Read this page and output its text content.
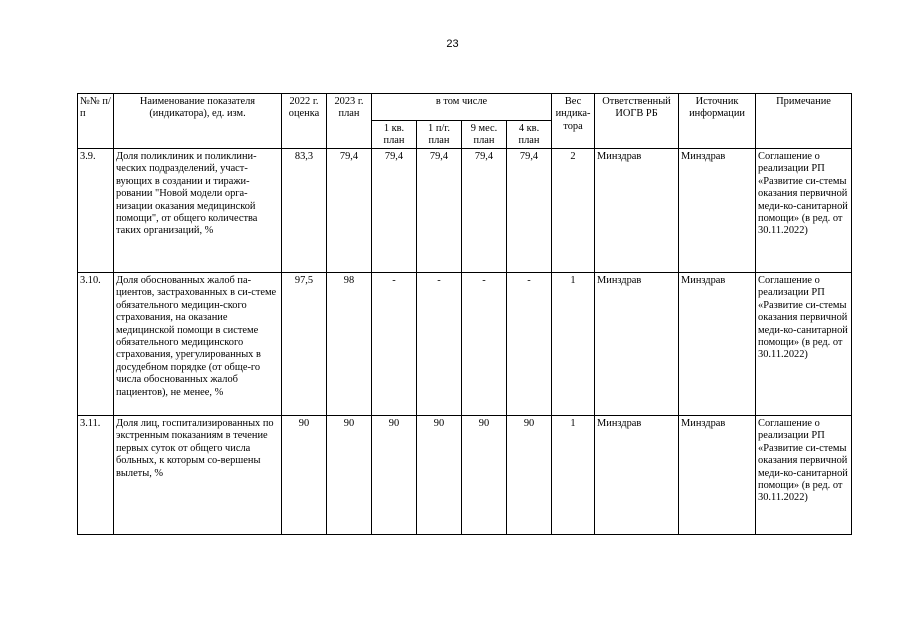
23
№№ п/п	Наименование показателя (индикатора), ед. изм.	2022 г. оценка	2023 г. план	в том числе				Вес индика-тора	Ответственный ИОГВ РБ	Источник информации	Примечание
				1 кв. план	1 п/г. план	9 мес. план	4 кв. план				
3.9.	Доля поликлиник и поликлини-ческих подразделений, участ-вующих в создании и тиражи-ровании "Новой модели орга-низации оказания медицинской помощи", от общего количества таких организаций, %	83,3	79,4	79,4	79,4	79,4	79,4	2	Минздрав	Минздрав	Соглашение о реализации РП «Развитие си-стемы оказания первичной меди-ко-санитарной помощи» (в ред. от 30.11.2022)
3.10.	Доля обоснованных жалоб па-циентов, застрахованных в си-стеме обязательного медицин-ского страхования, на оказание медицинской помощи в системе обязательного медицинского страхования, урегулированных в досудебном порядке (от обще-го числа обоснованных жалоб пациентов), не менее, %	97,5	98	-	-	-	-	1	Минздрав	Минздрав	Соглашение о реализации РП «Развитие си-стемы оказания первичной меди-ко-санитарной помощи» (в ред. от 30.11.2022)
3.11.	Доля лиц, госпитализированных по экстренным показаниям в течение первых суток от общего числа больных, к которым со-вершены вылеты, %	90	90	90	90	90	90	1	Минздрав	Минздрав	Соглашение о реализации РП «Развитие си-стемы оказания первичной меди-ко-санитарной помощи» (в ред. от 30.11.2022)
